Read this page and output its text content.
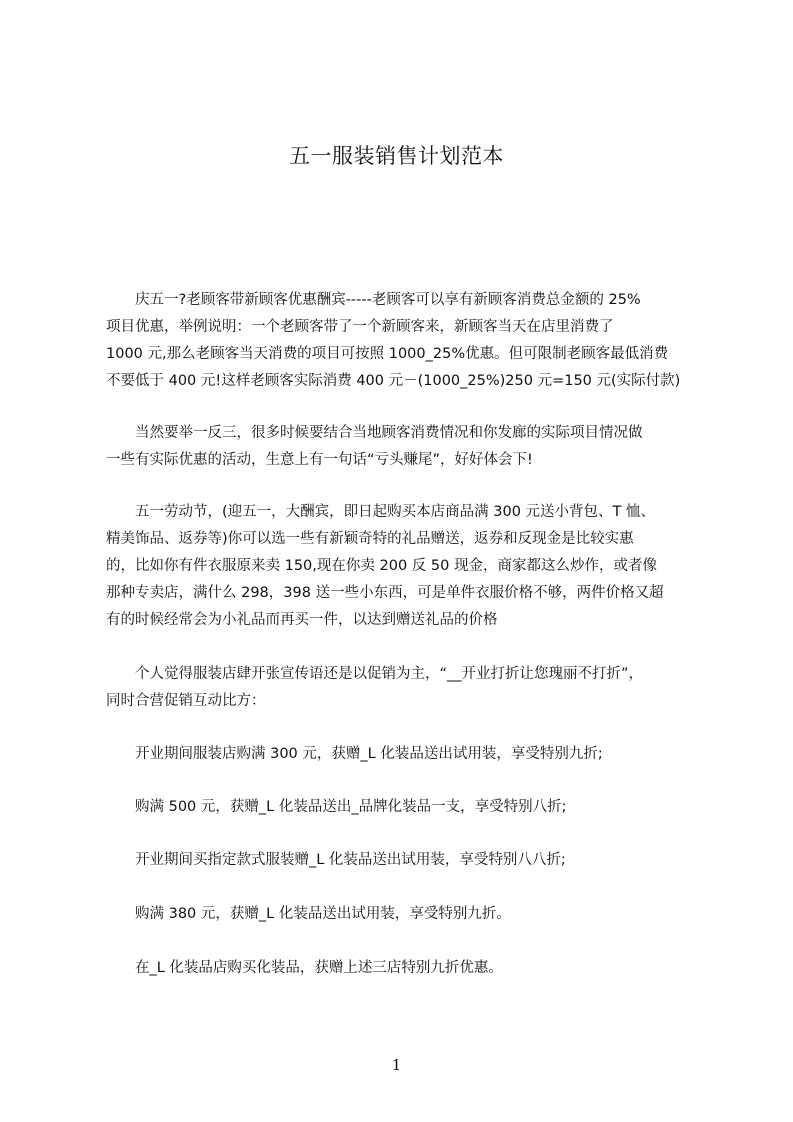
五一服装销售计划范本
　　庆五一?老顾客带新顾客优惠酬宾-----老顾客可以享有新顾客消费总金额的 25%
项目优惠，举例说明：一个老顾客带了一个新顾客来，新顾客当天在店里消费了
1000 元,那么老顾客当天消费的项目可按照 1000_25%优惠。但可限制老顾客最低消费
不要低于 400 元!这样老顾客实际消费 400 元－(1000_25%)250 元=150 元(实际付款)
　　当然要举一反三，很多时候要结合当地顾客消费情况和你发廊的实际项目情况做
一些有实际优惠的活动，生意上有一句话“亏头赚尾”，好好体会下!
　　五一劳动节，(迎五一，大酬宾，即日起购买本店商品满 300 元送小背包、T 恤、
精美饰品、返券等)你可以选一些有新颖奇特的礼品赠送，返券和反现金是比较实惠
的，比如你有件衣服原来卖 150,现在你卖 200 反 50 现金，商家都这么炒作，或者像
那种专卖店，满什么 298，398 送一些小东西，可是单件衣服价格不够，两件价格又超
有的时候经常会为小礼品而再买一件，以达到赠送礼品的价格
　　个人觉得服装店肆开张宣传语还是以促销为主，“__开业打折让您瑰丽不打折”，
同时合营促销互动比方：
　　开业期间服装店购满 300 元，获赠_L 化装品送出试用装，享受特别九折;
　　购满 500 元，获赠_L 化装品送出_品牌化装品一支，享受特别八折;
　　开业期间买指定款式服装赠_L 化装品送出试用装，享受特别八八折;
　　购满 380 元，获赠_L 化装品送出试用装，享受特别九折。
　　在_L 化装品店购买化装品，获赠上述三店特别九折优惠。
1
